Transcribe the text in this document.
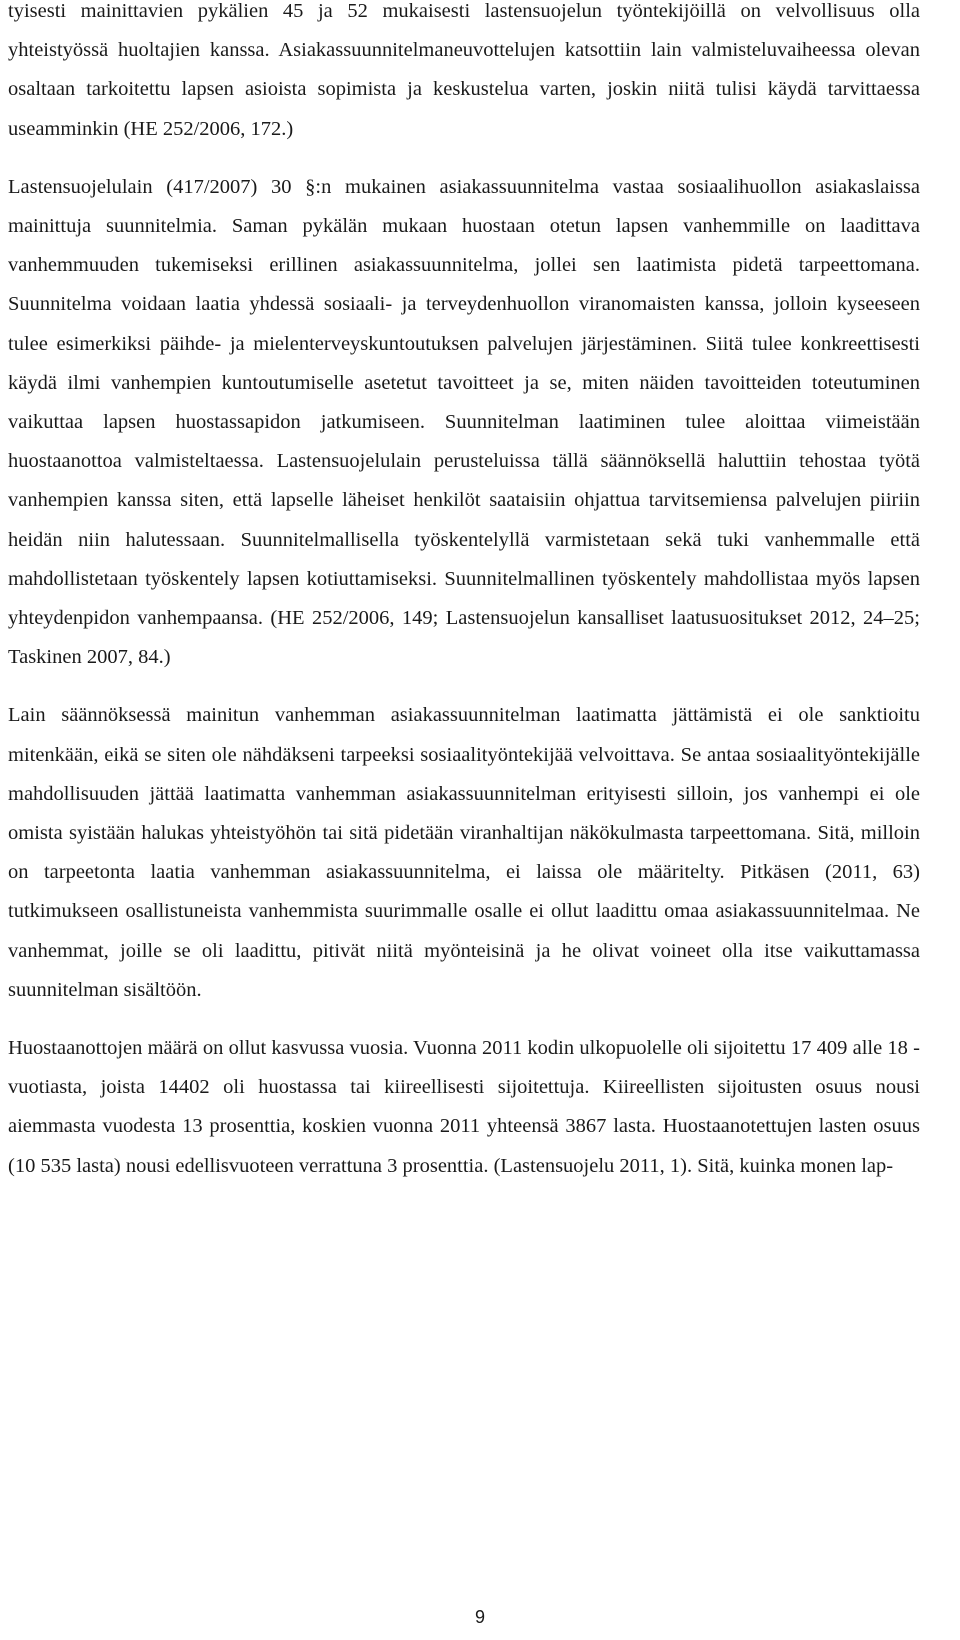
tyisesti mainittavien pykälien 45 ja 52 mukaisesti lastensuojelun työntekijöillä on velvollisuus olla yhteistyössä huoltajien kanssa. Asiakassuunnitelmaneuvottelujen katsottiin lain valmisteluvaiheessa olevan osaltaan tarkoitettu lapsen asioista sopimista ja keskustelua varten, joskin niitä tulisi käydä tarvittaessa useamminkin (HE 252/2006, 172.)

Lastensuojelulain (417/2007) 30 §:n mukainen asiakassuunnitelma vastaa sosiaalihuollon asiakaslaissa mainittuja suunnitelmia. Saman pykälän mukaan huostaan otetun lapsen vanhemmille on laadittava vanhemmuuden tukemiseksi erillinen asiakassuunnitelma, jollei sen laatimista pidetä tarpeettomana. Suunnitelma voidaan laatia yhdessä sosiaali- ja terveydenhuollon viranomaisten kanssa, jolloin kyseeseen tulee esimerkiksi päihde- ja mielenterveyskuntoutuksen palvelujen järjestäminen. Siitä tulee konkreettisesti käydä ilmi vanhempien kuntoutumiselle asetetut tavoitteet ja se, miten näiden tavoitteiden toteutuminen vaikuttaa lapsen huostassapidon jatkumiseen. Suunnitelman laatiminen tulee aloittaa viimeistään huostaanottoa valmisteltaessa. Lastensuojelulain perusteluissa tällä säännöksellä haluttiin tehostaa työtä vanhempien kanssa siten, että lapselle läheiset henkilöt saataisiin ohjattua tarvitsemiensa palvelujen piiriin heidän niin halutessaan. Suunnitelmallisella työskentelyllä varmistetaan sekä tuki vanhemmalle että mahdollistetaan työskentely lapsen kotiuttamiseksi. Suunnitelmallinen työskentely mahdollistaa myös lapsen yhteydenpidon vanhempaansa. (HE 252/2006, 149; Lastensuojelun kansalliset laatusuositukset 2012, 24–25; Taskinen 2007, 84.)

Lain säännöksessä mainitun vanhemman asiakassuunnitelman laatimatta jättämistä ei ole sanktioitu mitenkään, eikä se siten ole nähdäkseni tarpeeksi sosiaalityöntekijää velvoittava. Se antaa sosiaalityöntekijälle mahdollisuuden jättää laatimatta vanhemman asiakassuunnitelman erityisesti silloin, jos vanhempi ei ole omista syistään halukas yhteistyöhön tai sitä pidetään viranhaltijan näkökulmasta tarpeettomana. Sitä, milloin on tarpeetonta laatia vanhemman asiakassuunnitelma, ei laissa ole määritelty. Pitkäsen (2011, 63) tutkimukseen osallistuneista vanhemmista suurimmalle osalle ei ollut laadittu omaa asiakassuunnitelmaa. Ne vanhemmat, joille se oli laadittu, pitivät niitä myönteisinä ja he olivat voineet olla itse vaikuttamassa suunnitelman sisältöön.

Huostaanottojen määrä on ollut kasvussa vuosia. Vuonna 2011 kodin ulkopuolelle oli sijoitettu 17 409 alle 18 -vuotiasta, joista 14402 oli huostassa tai kiireellisesti sijoitettuja. Kiireellisten sijoitusten osuus nousi aiemmasta vuodesta 13 prosenttia, koskien vuonna 2011 yhteensä 3867 lasta. Huostaanotettujen lasten osuus (10 535 lasta) nousi edellisvuoteen verrattuna 3 prosenttia. (Lastensuojelu 2011, 1). Sitä, kuinka monen lap-

9
